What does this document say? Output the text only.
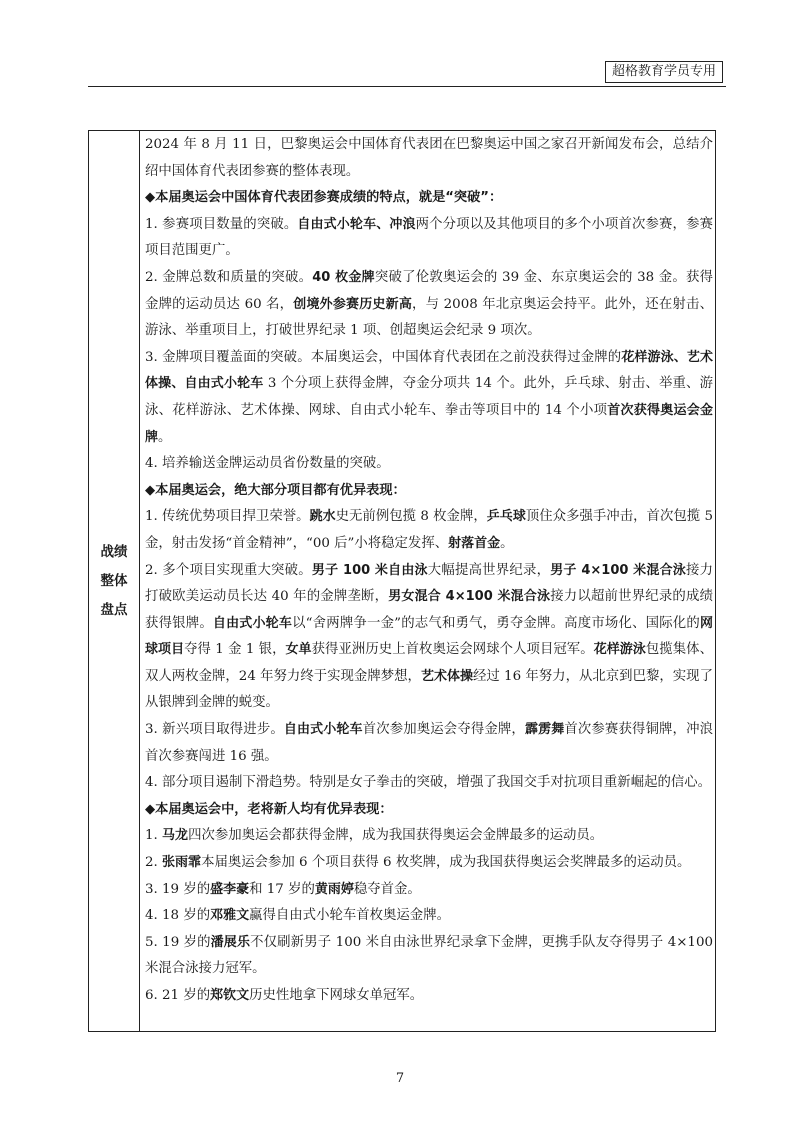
超格教育学员专用
战绩
整体
盘点

2024 年 8 月 11 日，巴黎奥运会中国体育代表团在巴黎奥运中国之家召开新闻发布会，总结介绍中国体育代表团参赛的整体表现。

◆本届奥运会中国体育代表团参赛成绩的特点，就是“突破”：

1. 参赛项目数量的突破。自由式小轮车、冲浪两个分项以及其他项目的多个小项首次参赛，参赛项目范围更广。

2. 金牌总数和质量的突破。40 枚金牌突破了伦敦奥运会的 39 金、东京奥运会的 38 金。获得金牌的运动员达 60 名，创境外参赛历史新高，与 2008 年北京奥运会持平。此外，还在射击、游泳、举重项目上，打破世界纪录 1 项、创超奥运会纪录 9 项次。

3. 金牌项目覆盖面的突破。本届奥运会，中国体育代表团在之前没获得过金牌的花样游泳、艺术体操、自由式小轮车 3 个分项上获得金牌，夺金分项共 14 个。此外，乒乓球、射击、举重、游泳、花样游泳、艺术体操、网球、自由式小轮车、拳击等项目中的 14 个小项首次获得奥运会金牌。

4. 培养输送金牌运动员省份数量的突破。

◆本届奥运会，绝大部分项目都有优异表现：

1. 传统优势项目捍卫荣誉。跳水史无前例包揽 8 枚金牌，乒乓球顶住众多强手冲击，首次包揽 5 金，射击发扬“首金精神”，“00 后”小将稳定发挥、射落首金。

2. 多个项目实现重大突破。男子 100 米自由泳大幅提高世界纪录，男子 4×100 米混合泳接力打破欧美运动员长达 40 年的金牌垄断，男女混合 4×100 米混合泳接力以超前世界纪录的成绩获得银牌。自由式小轮车以“舍两牌争一金”的志气和勇气，勇夺金牌。高度市场化、国际化的网球项目夺得 1 金 1 银，女单获得亚洲历史上首枚奥运会网球个人项目冠军。花样游泳包揽集体、双人两枚金牌，24 年努力终于实现金牌梦想，艺术体操经过 16 年努力，从北京到巴黎，实现了从银牌到金牌的蜕变。

3. 新兴项目取得进步。自由式小轮车首次参加奥运会夺得金牌，霹雳舞首次参赛获得铜牌，冲浪首次参赛闯进 16 强。

4. 部分项目遏制下滑趋势。特别是女子拳击的突破，增强了我国交手对抗项目重新崛起的信心。

◆本届奥运会中，老将新人均有优异表现：

1. 马龙四次参加奥运会都获得金牌，成为我国获得奥运会金牌最多的运动员。

2. 张雨霏本届奥运会参加 6 个项目获得 6 枚奖牌，成为我国获得奥运会奖牌最多的运动员。

3. 19 岁的盛李豪和 17 岁的黄雨婷稳夺首金。

4. 18 岁的邓雅文赢得自由式小轮车首枚奥运金牌。

5. 19 岁的潘展乐不仅刷新男子 100 米自由泳世界纪录拿下金牌，更携手队友夺得男子 4×100 米混合泳接力冠军。

6. 21 岁的郑钦文历史性地拿下网球女单冠军。

7
